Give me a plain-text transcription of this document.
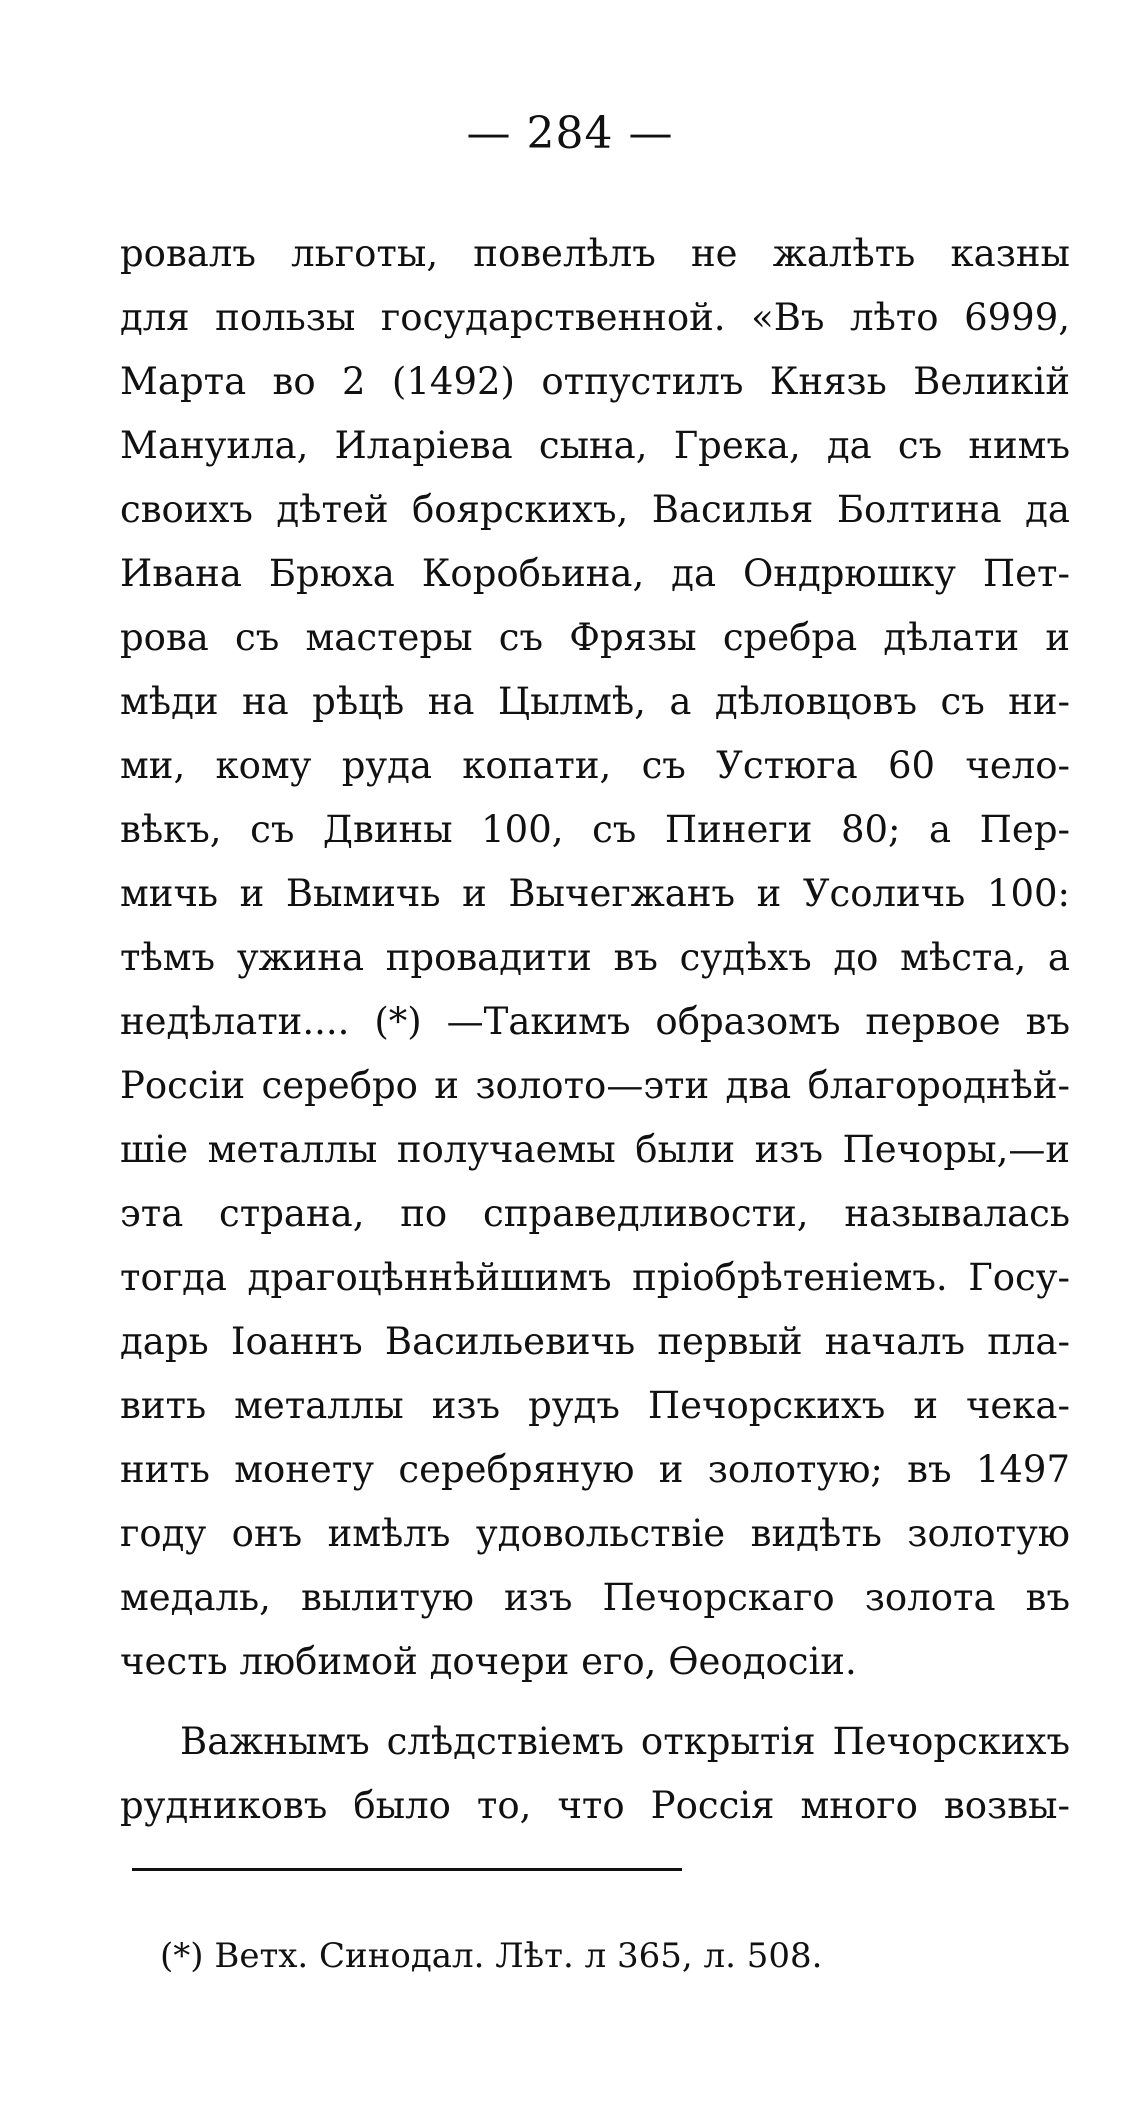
— 284 —
ровалъ льготы, повелѣлъ не жалѣть казны
для пользы государственной. «Въ лѣто 6999,
Марта во 2 (1492) отпустилъ Князь Великій
Мануила, Иларіева сына, Грека, да съ нимъ
своихъ дѣтей боярскихъ, Василья Болтина да
Ивана Брюха Коробьина, да Ондрюшку Пет-
рова съ мастеры съ Фрязы сребра дѣлати и
мѣди на рѣцѣ на Цылмѣ, а дѣловцовъ съ ни-
ми, кому руда копати, съ Устюга 60 чело-
вѣкъ, съ Двины 100, съ Пинеги 80; а Пер-
мичь и Вымичь и Вычегжанъ и Усоличь 100:
тѣмъ ужина провадити въ судѣхъ до мѣста, а
недѣлати.... (*) —Такимъ образомъ первое въ
Россіи серебро и золото—эти два благороднѣй-
шіе металлы получаемы были изъ Печоры,—и
эта страна, по справедливости, называлась
тогда драгоцѣннѣйшимъ пріобрѣтеніемъ. Госу-
дарь Іоаннъ Васильевичь первый началъ пла-
вить металлы изъ рудъ Печорскихъ и чека-
нить монету серебряную и золотую; въ 1497
году онъ имѣлъ удовольствіе видѣть золотую
медаль, вылитую изъ Печорскаго золота въ
честь любимой дочери его, Ѳеодосіи.
Важнымъ слѣдствіемъ открытія Печорскихъ
рудниковъ было то, что Россія много возвы-
(*) Ветх. Синодал. Лѣт. л 365, л. 508.
